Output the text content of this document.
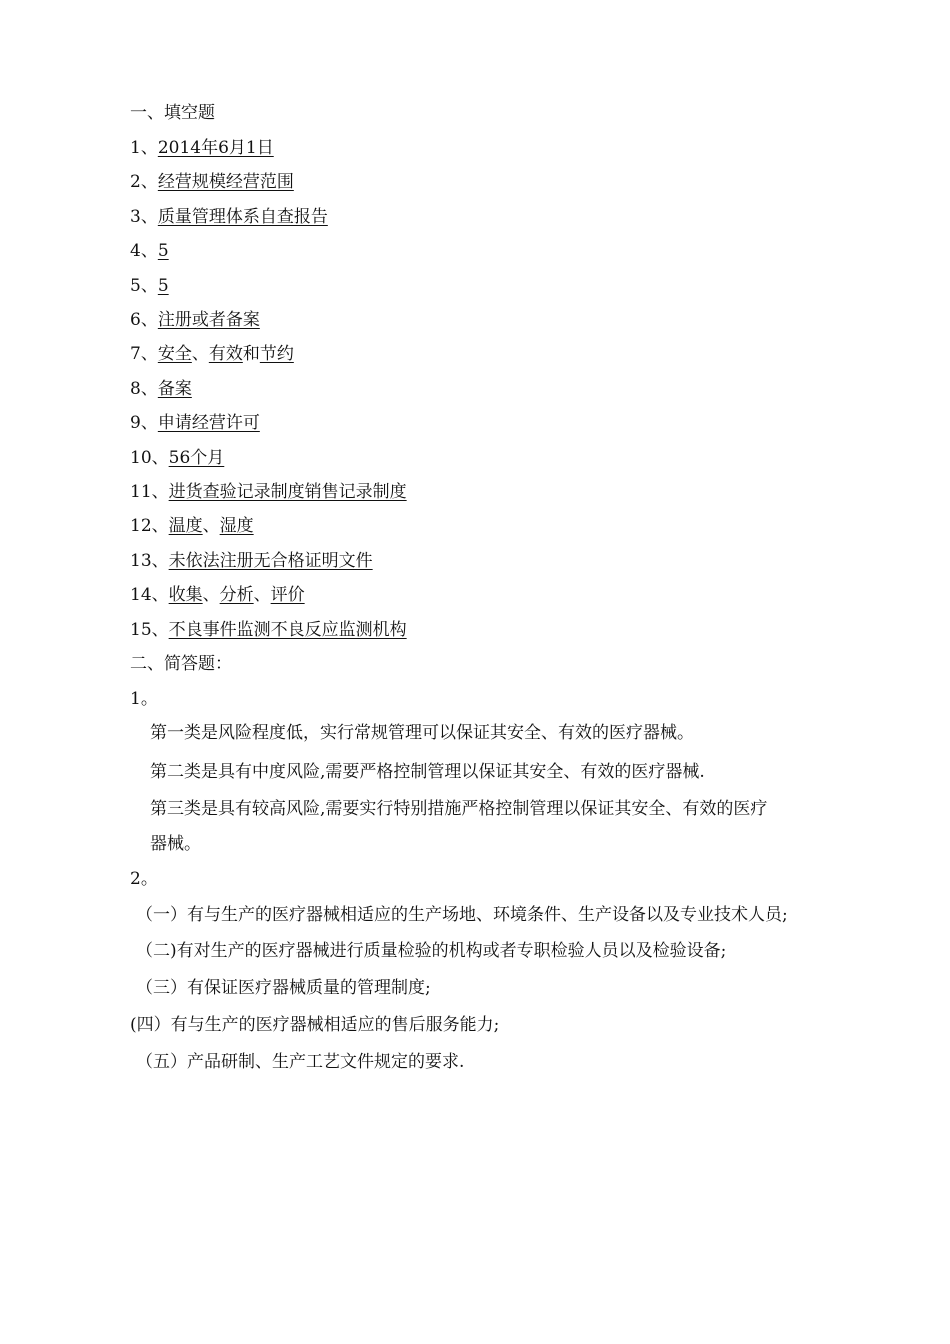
一、填空题
1、2014年6月1日
2、经营规模经营范围
3、质量管理体系自查报告
4、5
5、5
6、注册或者备案
7、安全、有效和节约
8、备案
9、申请经营许可
10、56个月
11、进货查验记录制度销售记录制度
12、温度、湿度
13、未依法注册无合格证明文件
14、收集、分析、评价
15、不良事件监测不良反应监测机构
二、简答题：
1。
第一类是风险程度低，实行常规管理可以保证其安全、有效的医疗器械。
第二类是具有中度风险,需要严格控制管理以保证其安全、有效的医疗器械.
第三类是具有较高风险,需要实行特别措施严格控制管理以保证其安全、有效的医疗
器械。
2。
（一）有与生产的医疗器械相适应的生产场地、环境条件、生产设备以及专业技术人员;
（二)有对生产的医疗器械进行质量检验的机构或者专职检验人员以及检验设备;
（三）有保证医疗器械质量的管理制度;
(四）有与生产的医疗器械相适应的售后服务能力;
（五）产品研制、生产工艺文件规定的要求.
